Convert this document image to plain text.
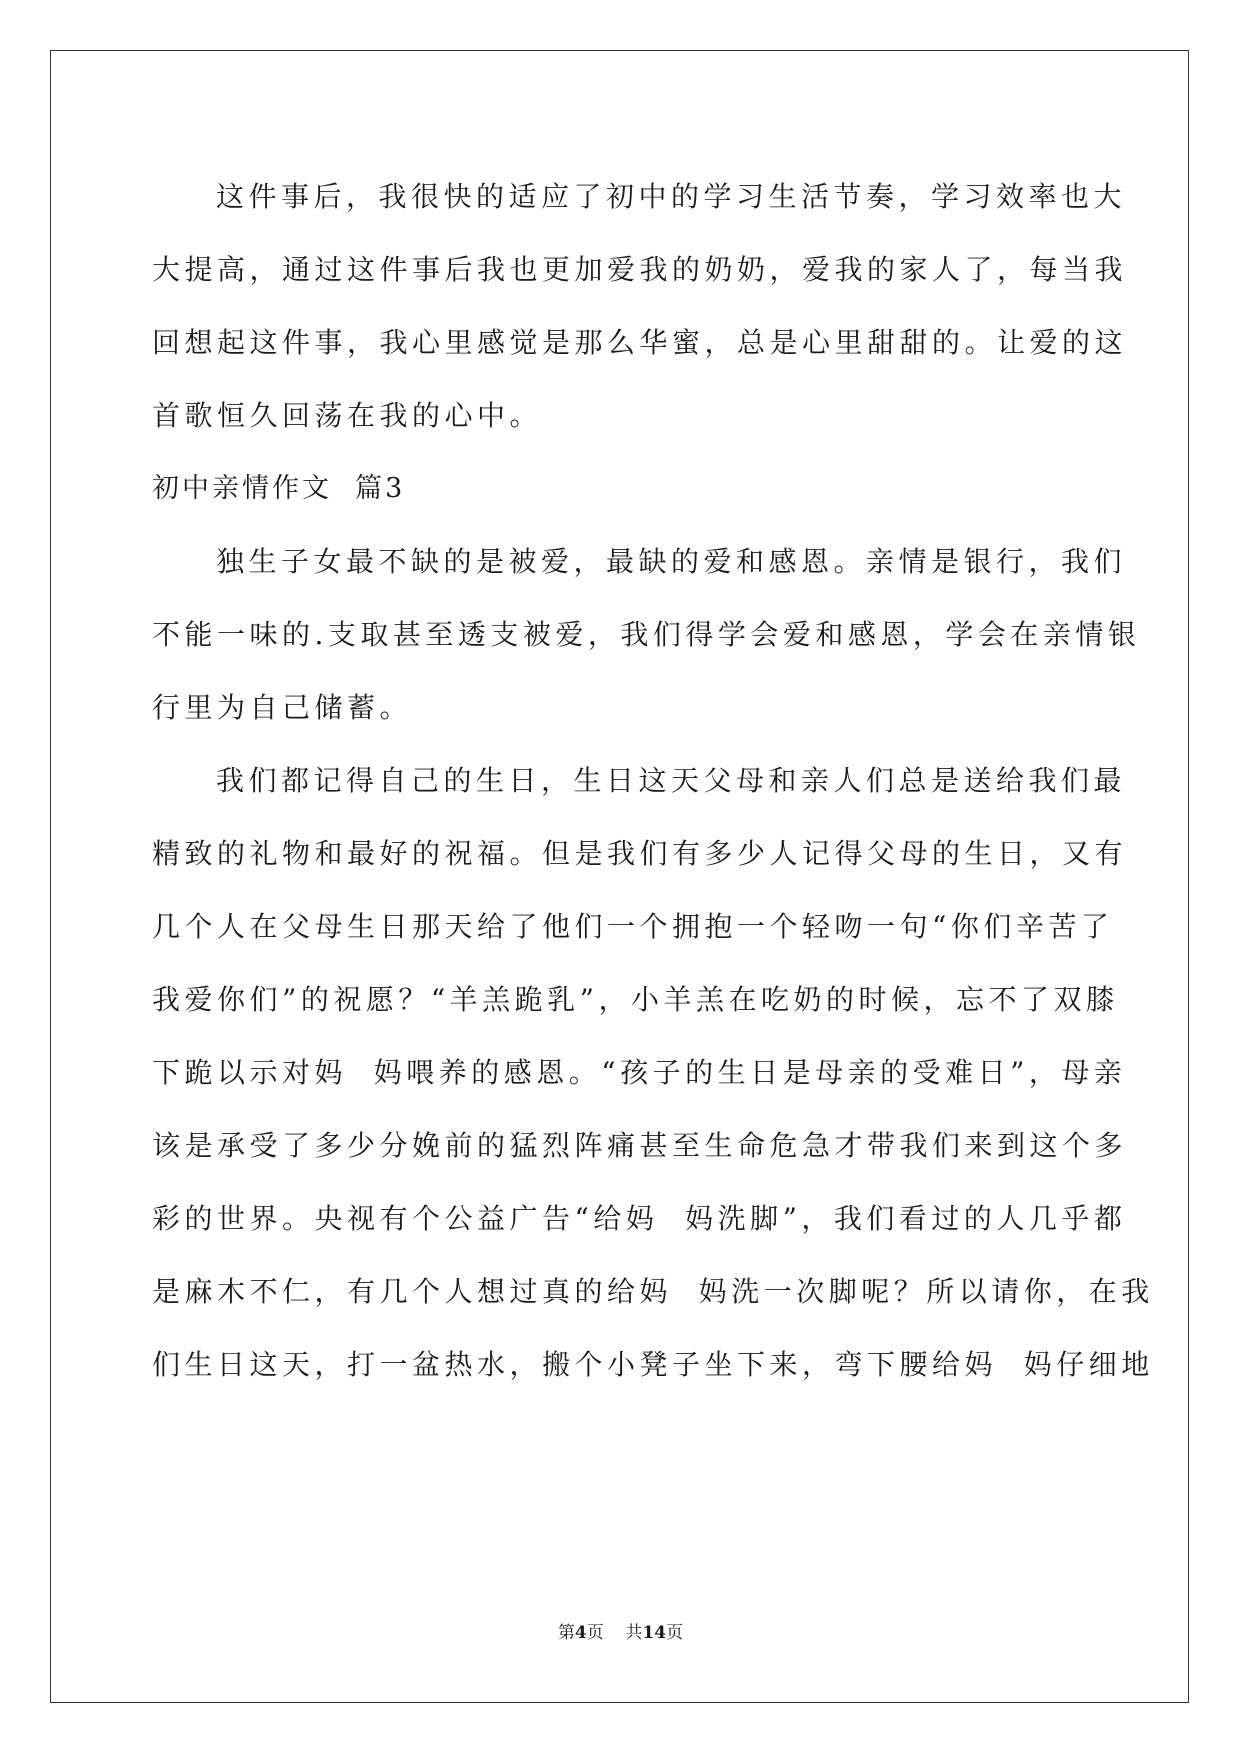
这件事后，我很快的适应了初中的学习生活节奏，学习效率也大
大提高，通过这件事后我也更加爱我的奶奶，爱我的家人了，每当我
回想起这件事，我心里感觉是那么华蜜，总是心里甜甜的。让爱的这
首歌恒久回荡在我的心中。
初中亲情作文  篇3
独生子女最不缺的是被爱，最缺的爱和感恩。亲情是银行，我们
不能一味的.支取甚至透支被爱，我们得学会爱和感恩，学会在亲情银
行里为自己储蓄。
我们都记得自己的生日，生日这天父母和亲人们总是送给我们最
精致的礼物和最好的祝福。但是我们有多少人记得父母的生日，又有
几个人在父母生日那天给了他们一个拥抱一个轻吻一句“你们辛苦了
我爱你们”的祝愿？“羊羔跪乳”，小羊羔在吃奶的时候，忘不了双膝
下跪以示对妈  妈喂养的感恩。“孩子的生日是母亲的受难日”，母亲
该是承受了多少分娩前的猛烈阵痛甚至生命危急才带我们来到这个多
彩的世界。央视有个公益广告“给妈  妈洗脚”，我们看过的人几乎都
是麻木不仁，有几个人想过真的给妈  妈洗一次脚呢？所以请你，在我
们生日这天，打一盆热水，搬个小凳子坐下来，弯下腰给妈  妈仔细地
第4页    共14页
